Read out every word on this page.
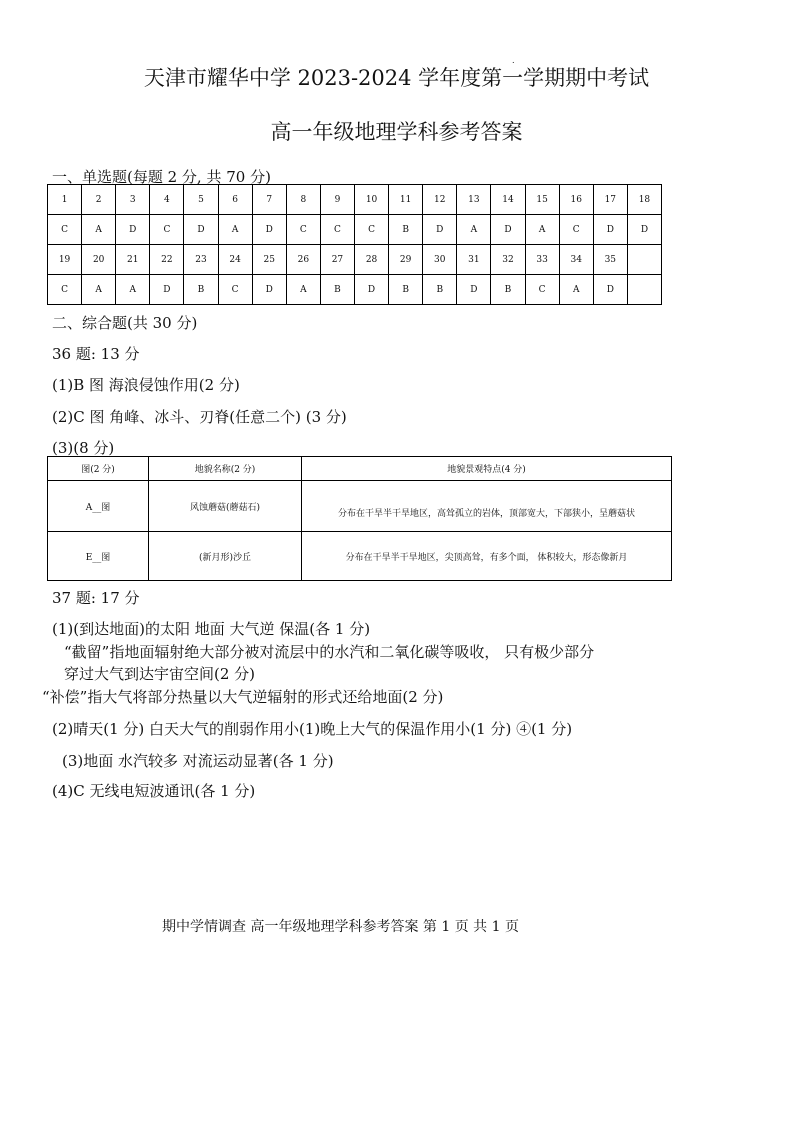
.
天津市耀华中学 2023-2024 学年度第一学期期中考试
高一年级地理学科参考答案
一、单选题(每题 2 分, 共 70 分)
1	2	3	4	5	6	7	8	9	10	11	12	13	14	15	16	17	18
C	A	D	C	D	A	D	C	C	C	B	D	A	D	A	C	D	D
19	20	21	22	23	24	25	26	27	28	29	30	31	32	33	34	35	
C	A	A	D	B	C	D	A	B	D	B	B	D	B	C	A	D	
二、综合题(共 30 分)
36 题: 13 分
(1)B 图 海浪侵蚀作用(2 分)
(2)C 图 角峰、冰斗、刃脊(任意二个) (3 分)
(3)(8 分)
图(2 分)	地貌名称(2 分)	地貌景观特点(4 分)
A__图	风蚀蘑菇(蘑菇石)	分布在干旱半干旱地区，高耸孤立的岩体，顶部宽大，下部狭小，呈蘑菇状
E__图	(新月形)沙丘	分布在干旱半干旱地区，尖顶高耸，有多个面， 体积较大，形态像新月
37 题: 17 分
(1)(到达地面)的太阳 地面 大气逆 保温(各 1 分)
“截留”指地面辐射绝大部分被对流层中的水汽和二氧化碳等吸收， 只有极少部分
穿过大气到达宇宙空间(2 分)
“补偿”指大气将部分热量以大气逆辐射的形式还给地面(2 分)
(2)晴天(1 分) 白天大气的削弱作用小(1)晚上大气的保温作用小(1 分) ④(1 分)
(3)地面 水汽较多 对流运动显著(各 1 分)
(4)C 无线电短波通讯(各 1 分)
期中学情调查 高一年级地理学科参考答案 第 1 页 共 1 页
